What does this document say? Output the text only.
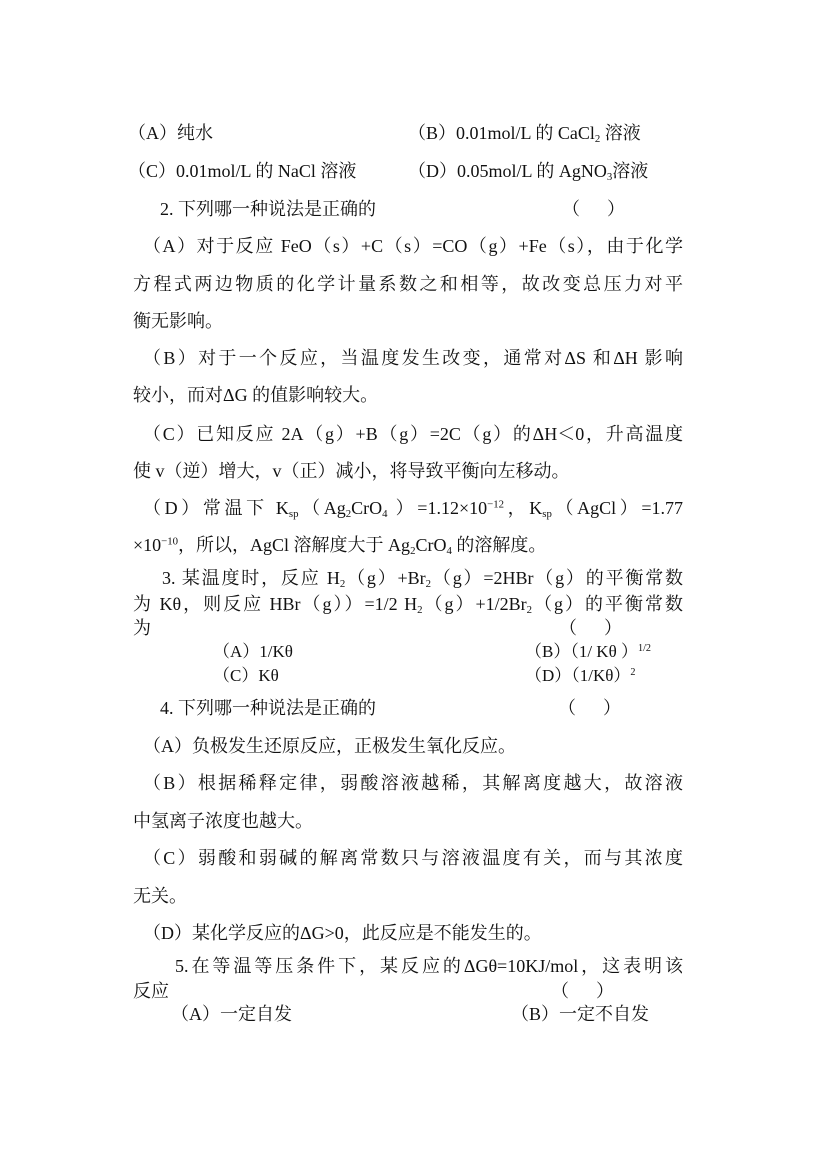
（A）纯水	（B）0.01mol/L 的 CaCl$_2$ 溶液
（C）0.01mol/L 的 NaCl 溶液	（D）0.05mol/L 的 AgNO$_3$溶液
2. 下列哪一种说法是正确的	（      ）
（A）对于反应 FeO（s）+C（s）=CO（g）+Fe（s），由于化学
方程式两边物质的化学计量系数之和相等，故改变总压力对平
衡无影响。
（B）对于一个反应，当温度发生改变，通常对ΔS 和ΔH 影响
较小，而对ΔG 的值影响较大。
（C）已知反应 2A（g）+B（g）=2C（g）的ΔH＜0，升高温度
使 v（逆）增大，v（正）减小，将导致平衡向左移动。
（D）常温下 $K_{sp}(Ag_2CrO_4$ ）$=1.12\times 10^{-12}$，$K_{sp}(AgCl)=1.77$
$\times 10^{-10}$，所以，AgCl 溶解度大于 $Ag_2CrO_4$ 的溶解度。
3. 某温度时，反应 $H_2(g)+Br_2(g)=2HBr(g)$的平衡常数
为 Kθ，则反应 HBr（g））=1/2 $H_2(g)+1/2Br_2(g)$的平衡常数
为	（      ）
（A）1/Kθ	（B）（1/ Kθ ）$^{1/2}$
（C）Kθ	$(D)(1/K\theta)^2$
4. 下列哪一种说法是正确的	（      ）
（A）负极发生还原反应，正极发生氧化反应。
（B）根据稀释定律，弱酸溶液越稀，其解离度越大，故溶液
中氢离子浓度也越大。
（C）弱酸和弱碱的解离常数只与溶液温度有关，而与其浓度
无关。
（D）某化学反应的ΔG>0，此反应是不能发生的。
5.在等温等压条件下，某反应的ΔGθ=10KJ/mol，这表明该
反应	（      ）
（A）一定自发	（B）一定不自发
